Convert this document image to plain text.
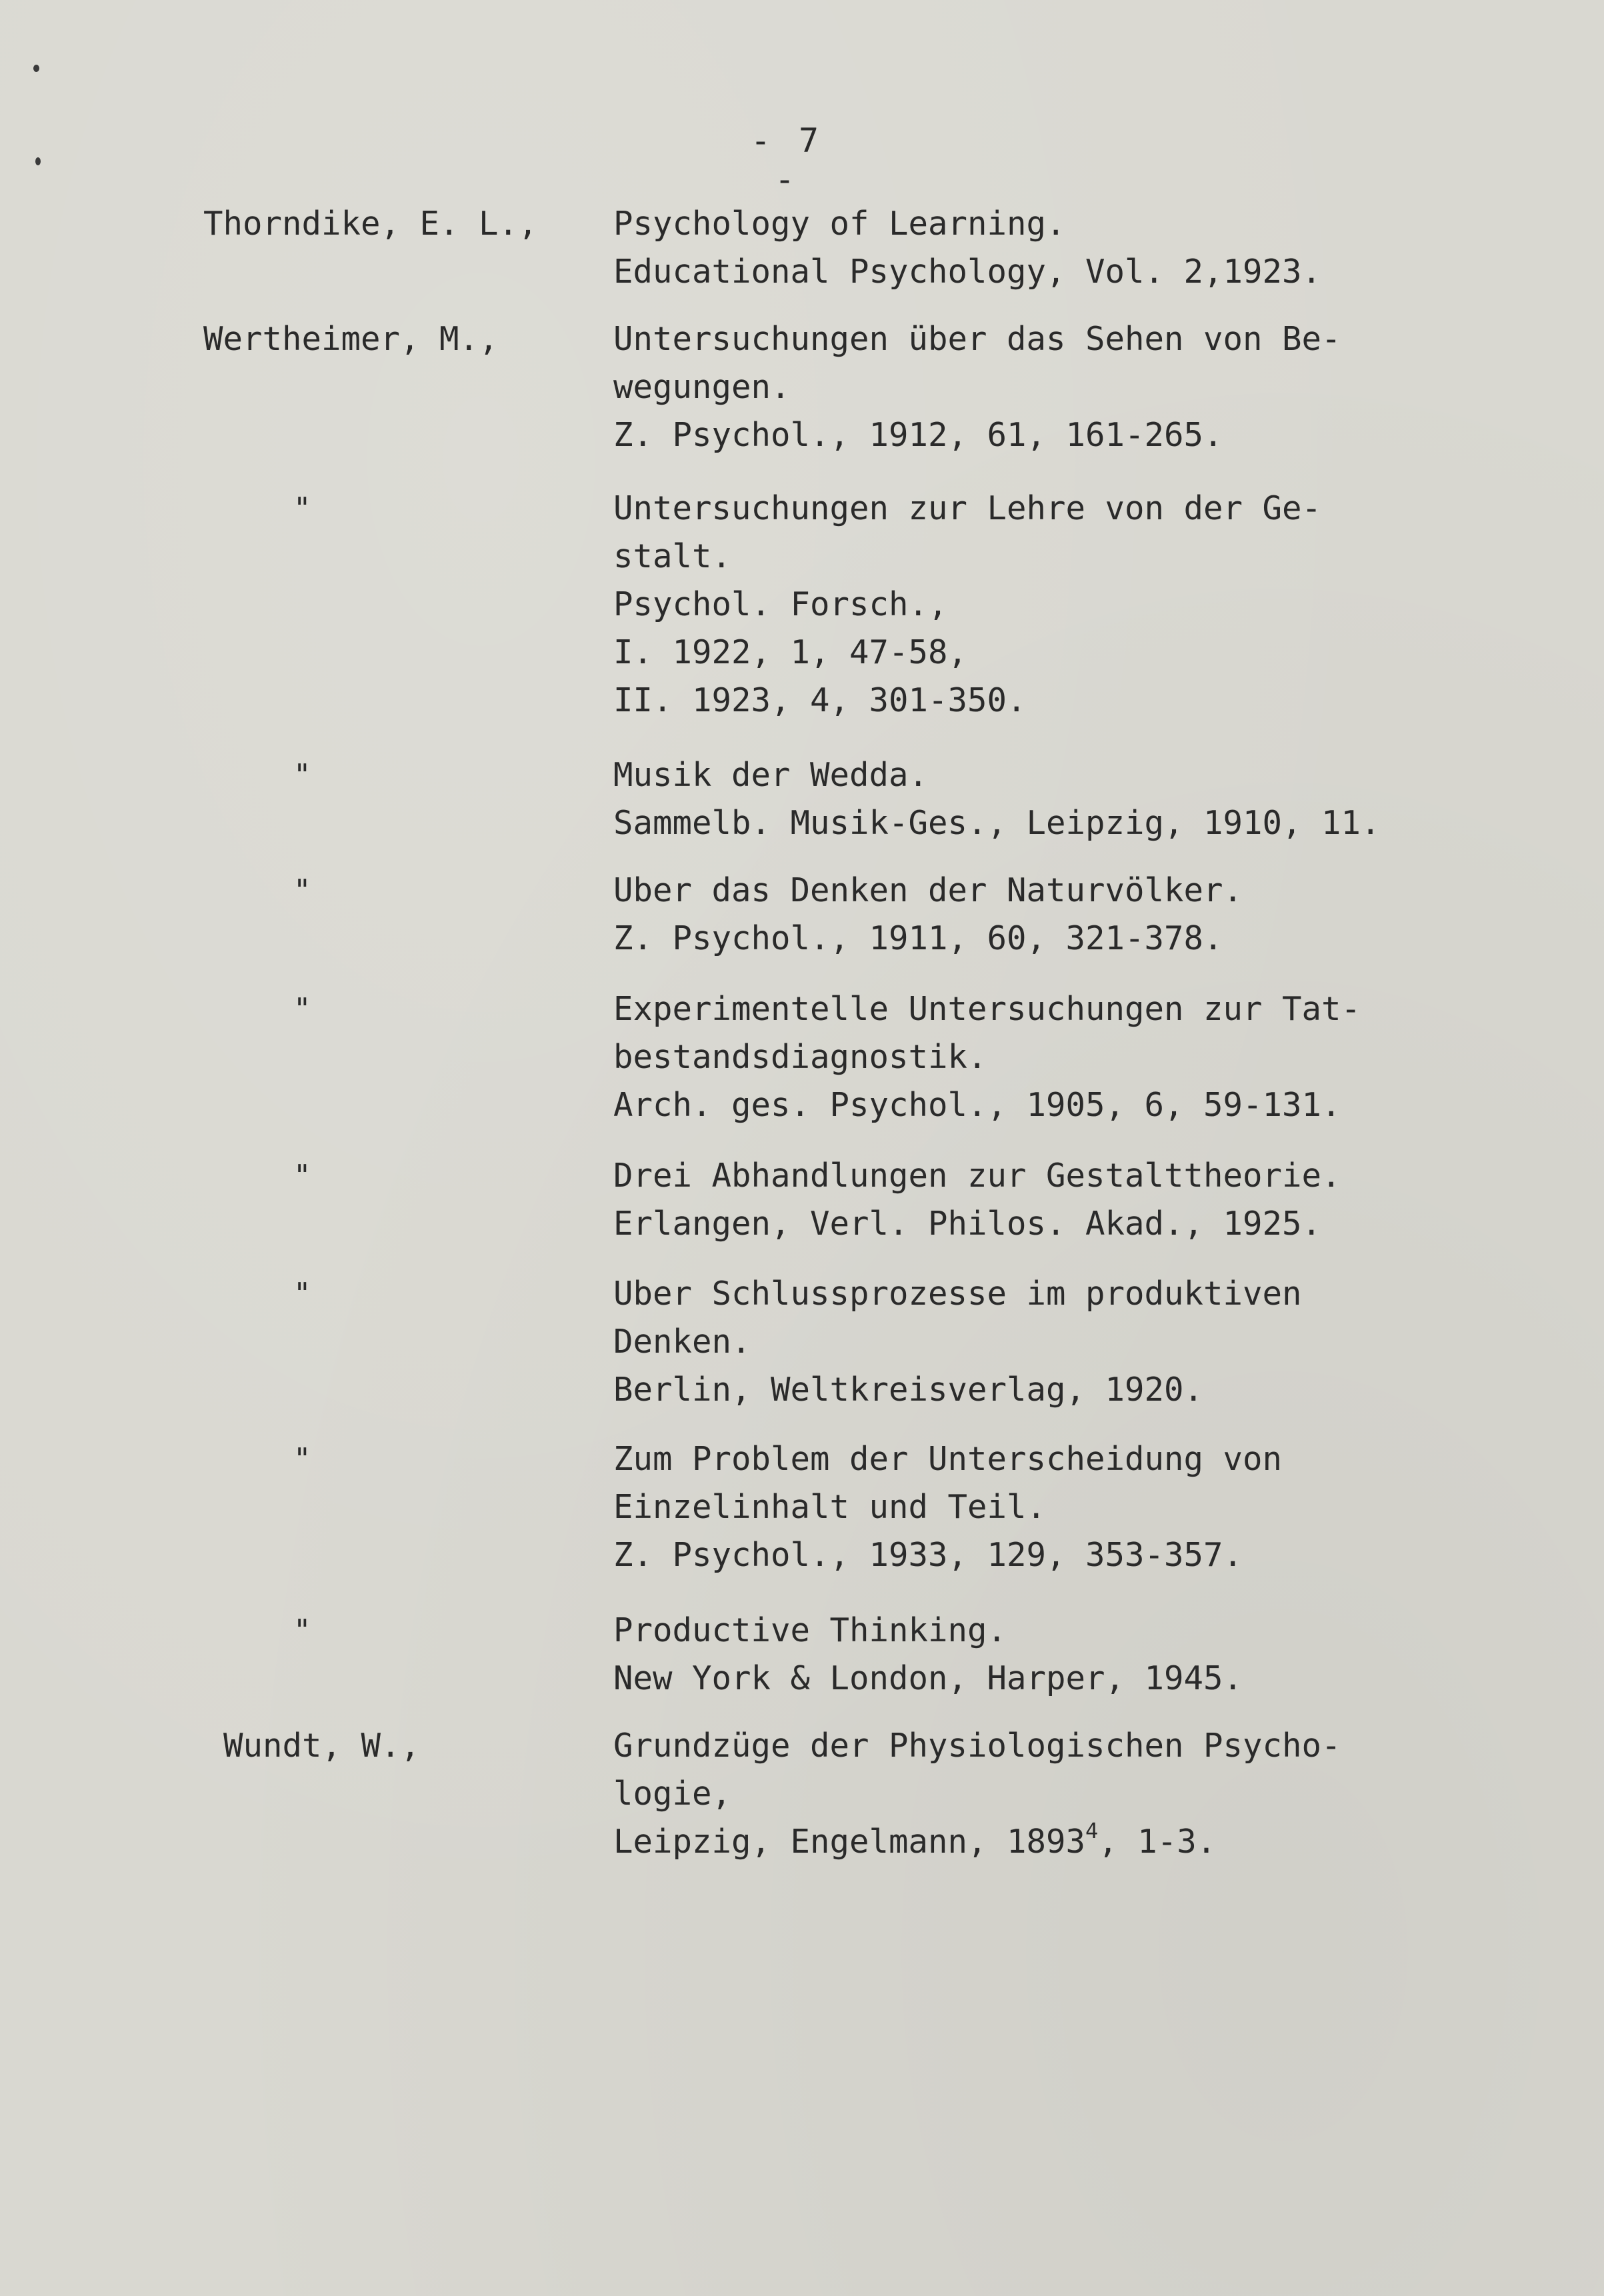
- 7 -
Thorndike, E. L., Psychology of Learning.
Educational Psychology, Vol. 2,1923.
Wertheimer, M.,	Untersuchungen über das Sehen von Be-
wegungen.
Z. Psychol., 1912, 61, 161-265.
"	Untersuchungen zur Lehre von der Ge-
stalt.
Psychol. Forsch.,
I. 1922, 1, 47-58,
II. 1923, 4, 301-350.
"	Musik der Wedda.
Sammelb. Musik-Ges., Leipzig, 1910, 11.
"	Uber das Denken der Naturvölker.
Z. Psychol., 1911, 60, 321-378.
"	Experimentelle Untersuchungen zur Tat-
bestandsdiagnostik.
Arch. ges. Psychol., 1905, 6, 59-131.
"	Drei Abhandlungen zur Gestalttheorie.
Erlangen, Verl. Philos. Akad., 1925.
"	Uber Schlussprozesse im produktiven
Denken.
Berlin, Weltkreisverlag, 1920.
"	Zum Problem der Unterscheidung von
Einzelinhalt und Teil.
Z. Psychol., 1933, 129, 353-357.
"	Productive Thinking.
New York & London, Harper, 1945.
Wundt, W.,	Grundzüge der Physiologischen Psycho-
logie,
Leipzig, Engelmann, 1893$^4$, 1-3.
